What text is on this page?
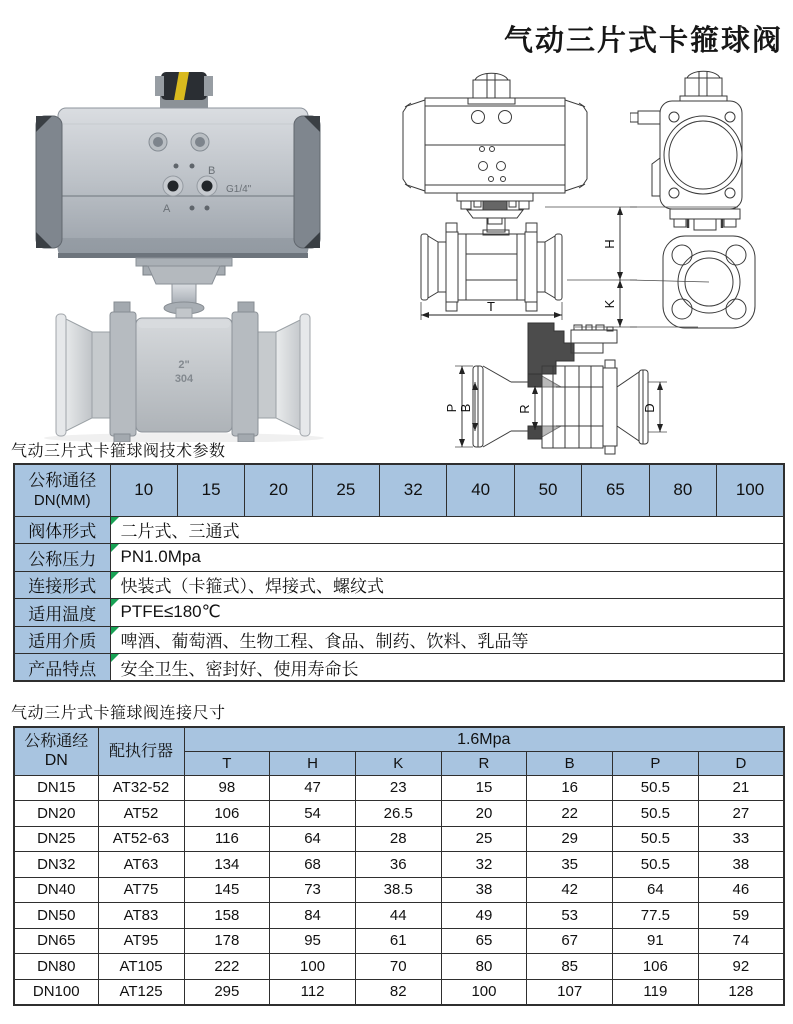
气动三片式卡箍球阀
B
G1/4"
A
2"
304
T
H
K
P B	R	D
气动三片式卡箍球阀技术参数
公称通径
DN(MM)	10	15	20	25	32	40	50	65	80	100
阀体形式	二片式、三通式									
公称压力	PN1.0Mpa									
连接形式	快装式（卡箍式）、焊接式、螺纹式									
适用温度	PTFE≤180℃									
适用介质	啤酒、葡萄酒、生物工程、食品、制药、饮料、乳品等									
产品特点	安全卫生、密封好、使用寿命长									
气动三片式卡箍球阀连接尺寸
公称通经
DN	配执行器	1.6Mpa						
		T	H	K	R	B	P	D
DN15	AT32-52	98	47	23	15	16	50.5	21
DN20	AT52	106	54	26.5	20	22	50.5	27
DN25	AT52-63	116	64	28	25	29	50.5	33
DN32	AT63	134	68	36	32	35	50.5	38
DN40	AT75	145	73	38.5	38	42	64	46
DN50	AT83	158	84	44	49	53	77.5	59
DN65	AT95	178	95	61	65	67	91	74
DN80	AT105	222	100	70	80	85	106	92
DN100	AT125	295	112	82	100	107	119	128
